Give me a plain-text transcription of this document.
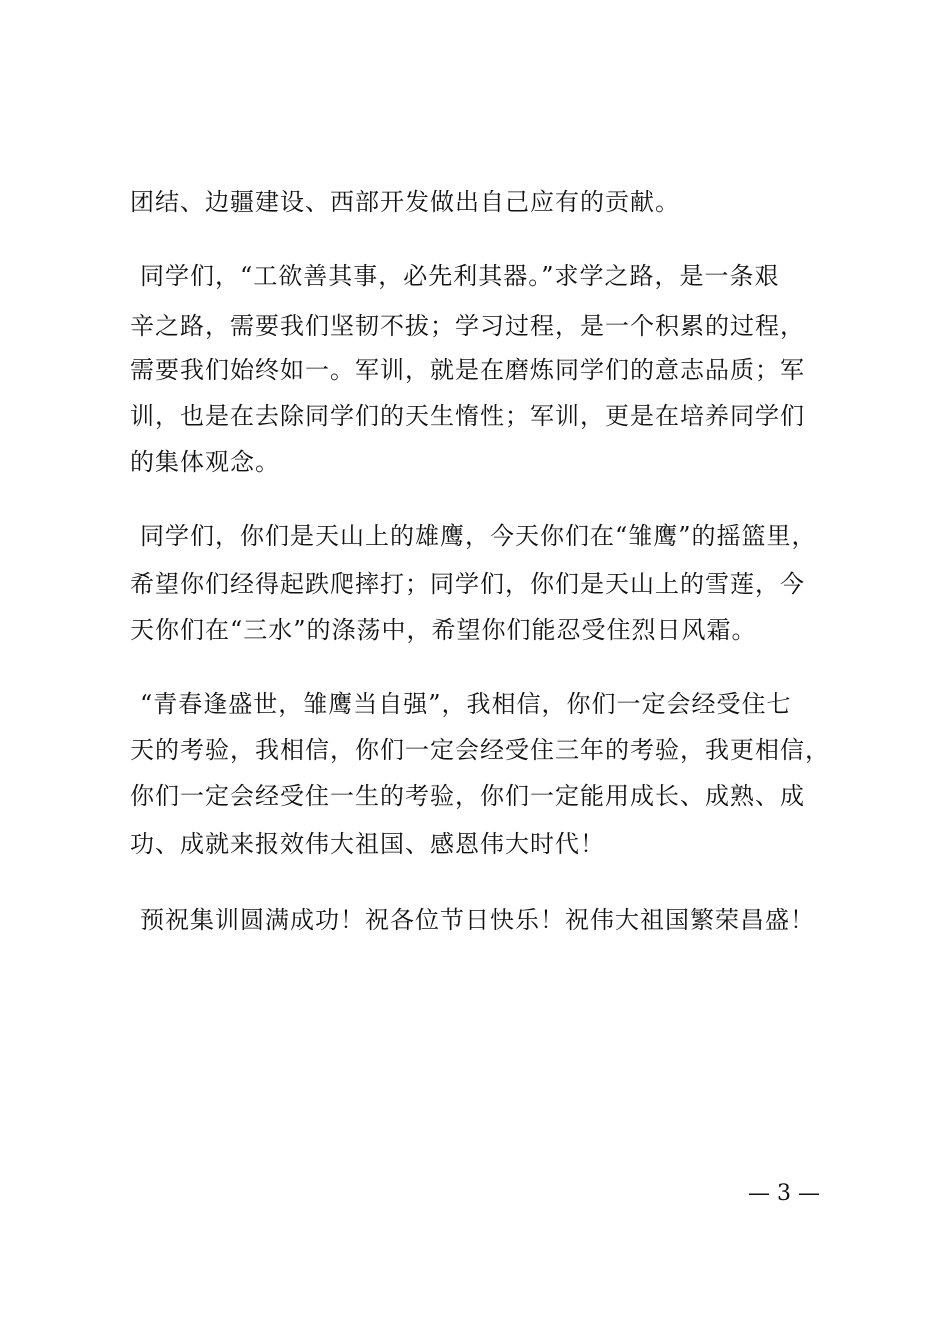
团结、边疆建设、西部开发做出自己应有的贡献。

同学们，“工欲善其事，必先利其器。”求学之路，是一条艰

辛之路，需要我们坚韧不拔；学习过程，是一个积累的过程，

需要我们始终如一。军训，就是在磨炼同学们的意志品质；军

训，也是在去除同学们的天生惰性；军训，更是在培养同学们

的集体观念。

同学们，你们是天山上的雄鹰，今天你们在“雏鹰”的摇篮里，

希望你们经得起跌爬摔打；同学们，你们是天山上的雪莲，今

天你们在“三水”的涤荡中，希望你们能忍受住烈日风霜。

“青春逢盛世，雏鹰当自强”，我相信，你们一定会经受住七

天的考验，我相信，你们一定会经受住三年的考验，我更相信，

你们一定会经受住一生的考验，你们一定能用成长、成熟、成

功、成就来报效伟大祖国、感恩伟大时代！

预祝集训圆满成功！祝各位节日快乐！祝伟大祖国繁荣昌盛！

— 3 —
